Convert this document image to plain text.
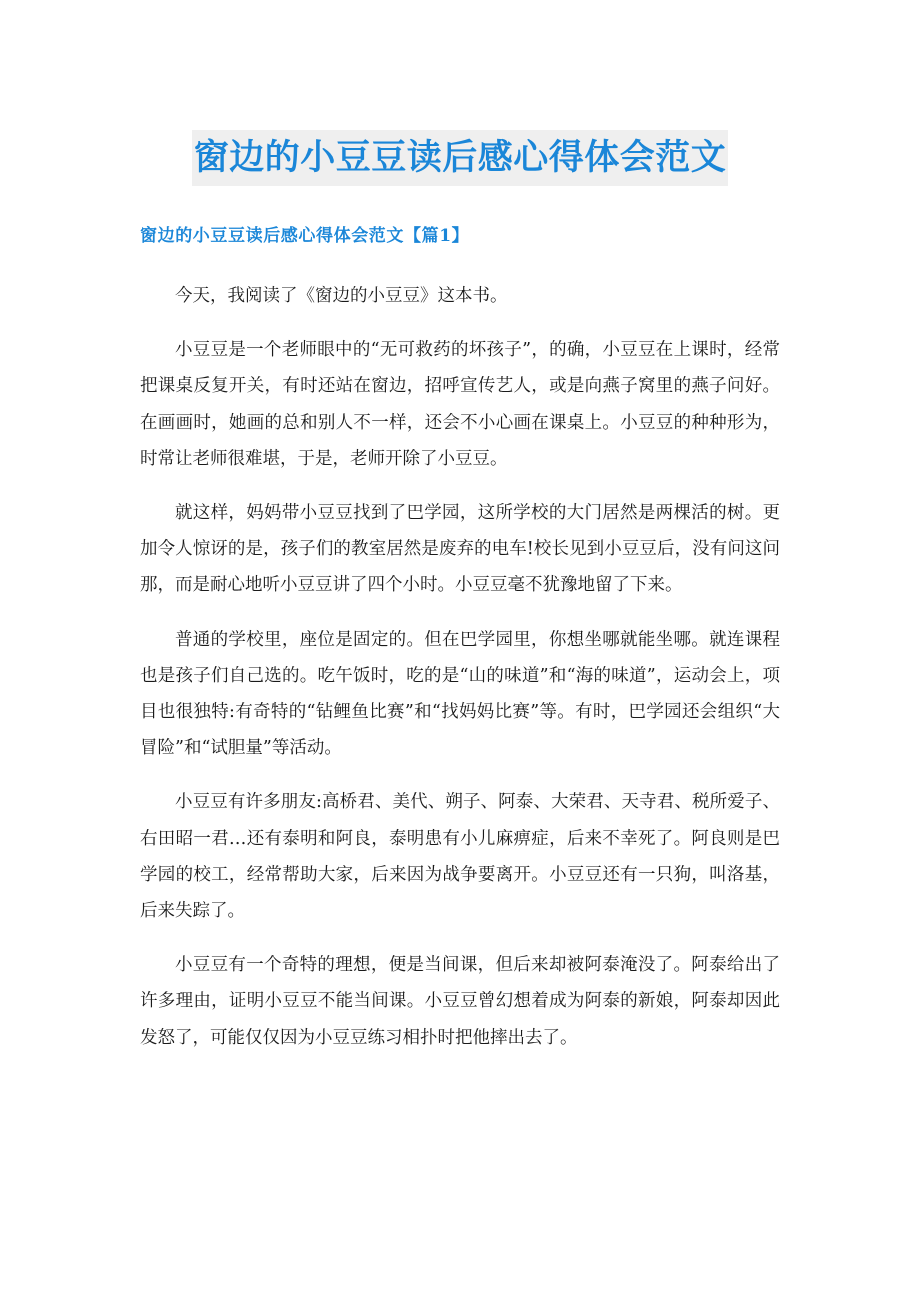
窗边的小豆豆读后感心得体会范文
窗边的小豆豆读后感心得体会范文【篇1】

今天，我阅读了《窗边的小豆豆》这本书。

小豆豆是一个老师眼中的“无可救药的坏孩子”，的确，小豆豆在上课时，经常把课桌反复开关，有时还站在窗边，招呼宣传艺人，或是向燕子窝里的燕子问好。在画画时，她画的总和别人不一样，还会不小心画在课桌上。小豆豆的种种形为，时常让老师很难堪，于是，老师开除了小豆豆。

就这样，妈妈带小豆豆找到了巴学园，这所学校的大门居然是两棵活的树。更加令人惊讶的是，孩子们的教室居然是废弃的电车!校长见到小豆豆后，没有问这问那，而是耐心地听小豆豆讲了四个小时。小豆豆毫不犹豫地留了下来。

普通的学校里，座位是固定的。但在巴学园里，你想坐哪就能坐哪。就连课程也是孩子们自己选的。吃午饭时，吃的是“山的味道”和“海的味道”，运动会上，项目也很独特:有奇特的“钻鲤鱼比赛”和“找妈妈比赛”等。有时，巴学园还会组织“大冒险”和“试胆量”等活动。

小豆豆有许多朋友:高桥君、美代、朔子、阿泰、大荣君、天寺君、税所爱子、右田昭一君…还有泰明和阿良，泰明患有小儿麻痹症，后来不幸死了。阿良则是巴学园的校工，经常帮助大家，后来因为战争要离开。小豆豆还有一只狗，叫洛基，后来失踪了。

小豆豆有一个奇特的理想，便是当间课，但后来却被阿泰淹没了。阿泰给出了许多理由，证明小豆豆不能当间课。小豆豆曾幻想着成为阿泰的新娘，阿泰却因此发怒了，可能仅仅因为小豆豆练习相扑时把他摔出去了。
